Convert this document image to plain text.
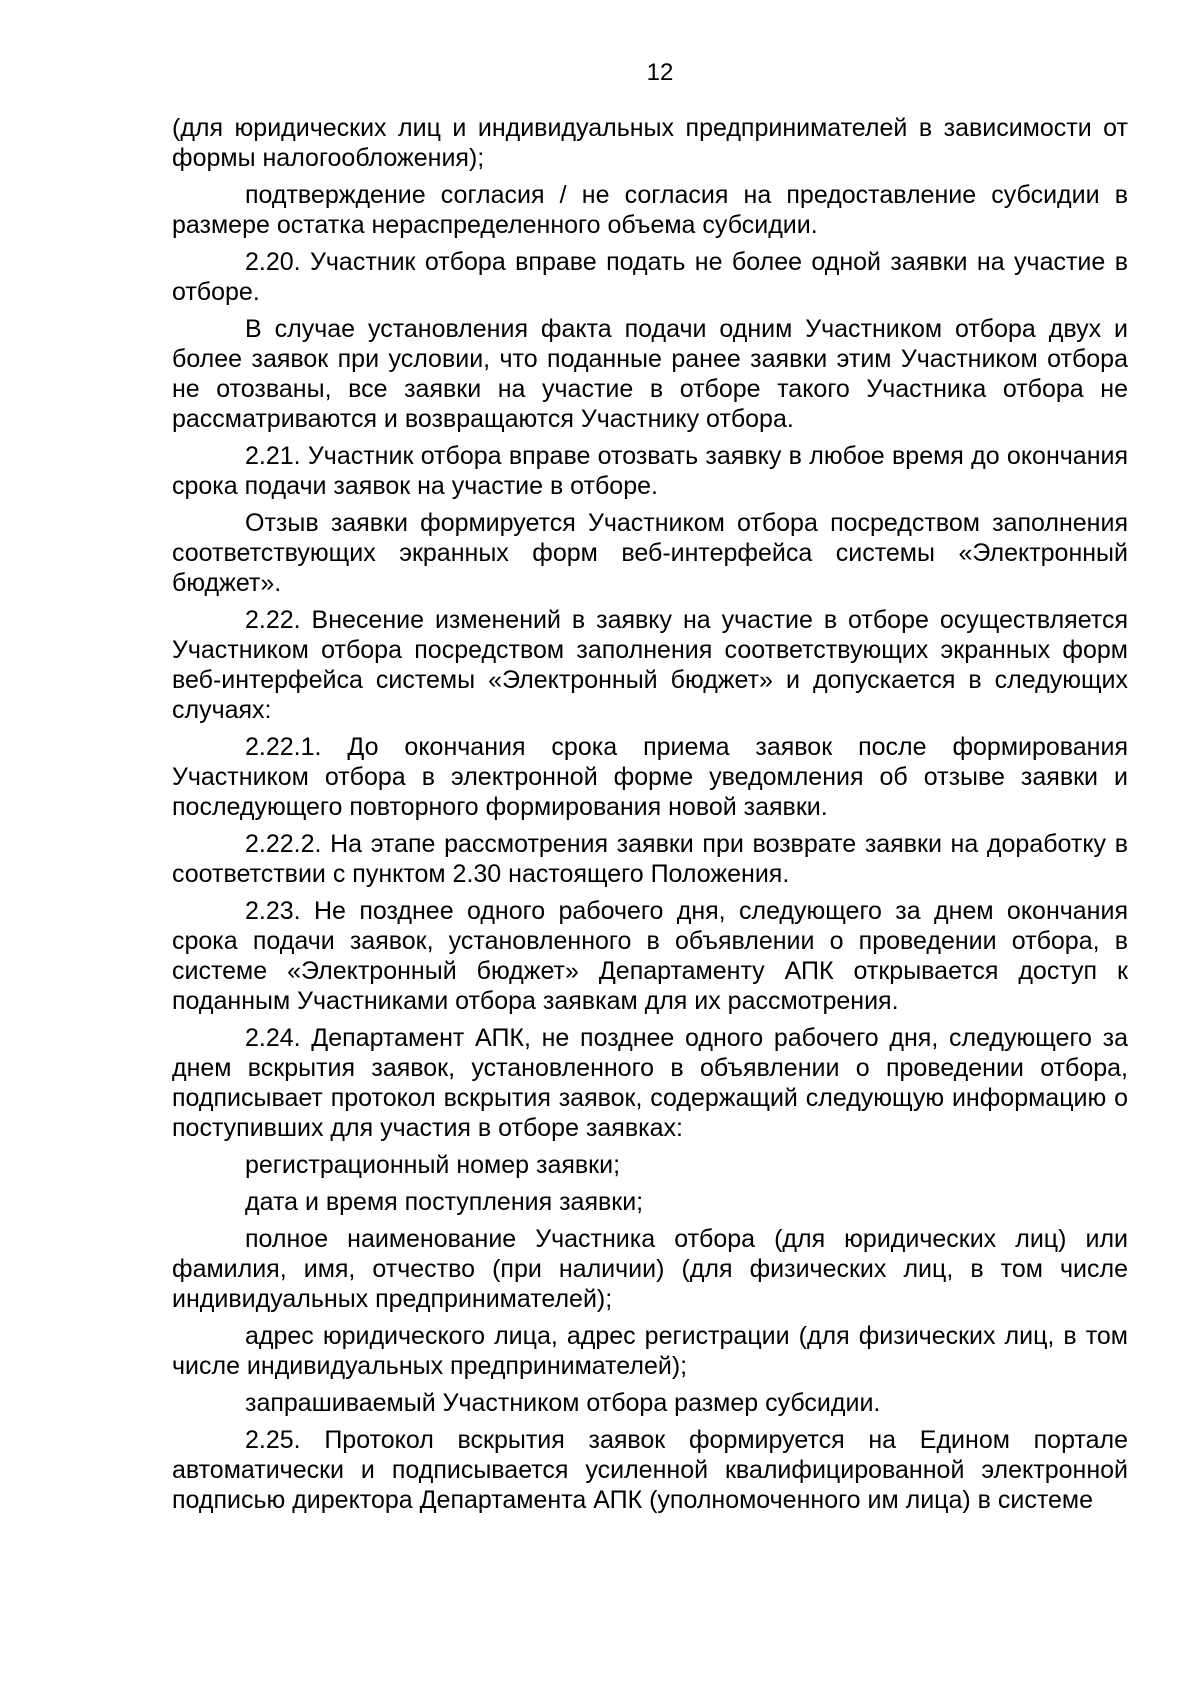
12

(для юридических лиц и индивидуальных предпринимателей в зависимости от формы налогообложения);

подтверждение согласия / не согласия на предоставление субсидии в размере остатка нераспределенного объема субсидии.

2.20. Участник отбора вправе подать не более одной заявки на участие в отборе.

В случае установления факта подачи одним Участником отбора двух и более заявок при условии, что поданные ранее заявки этим Участником отбора не отозваны, все заявки на участие в отборе такого Участника отбора не рассматриваются и возвращаются Участнику отбора.

2.21. Участник отбора вправе отозвать заявку в любое время до окончания срока подачи заявок на участие в отборе.

Отзыв заявки формируется Участником отбора посредством заполнения соответствующих экранных форм веб-интерфейса системы «Электронный бюджет».

2.22. Внесение изменений в заявку на участие в отборе осуществляется Участником отбора посредством заполнения соответствующих экранных форм веб-интерфейса системы «Электронный бюджет» и допускается в следующих случаях:

2.22.1. До окончания срока приема заявок после формирования Участником отбора в электронной форме уведомления об отзыве заявки и последующего повторного формирования новой заявки.

2.22.2. На этапе рассмотрения заявки при возврате заявки на доработку в соответствии с пунктом 2.30 настоящего Положения.

2.23. Не позднее одного рабочего дня, следующего за днем окончания срока подачи заявок, установленного в объявлении о проведении отбора, в системе «Электронный бюджет» Департаменту АПК открывается доступ к поданным Участниками отбора заявкам для их рассмотрения.

2.24. Департамент АПК, не позднее одного рабочего дня, следующего за днем вскрытия заявок, установленного в объявлении о проведении отбора, подписывает протокол вскрытия заявок, содержащий следующую информацию о поступивших для участия в отборе заявках:

регистрационный номер заявки;

дата и время поступления заявки;

полное наименование Участника отбора (для юридических лиц) или фамилия, имя, отчество (при наличии) (для физических лиц, в том числе индивидуальных предпринимателей);

адрес юридического лица, адрес регистрации (для физических лиц, в том числе индивидуальных предпринимателей);

запрашиваемый Участником отбора размер субсидии.

2.25. Протокол вскрытия заявок формируется на Едином портале автоматически и подписывается усиленной квалифицированной электронной подписью директора Департамента АПК (уполномоченного им лица) в системе
